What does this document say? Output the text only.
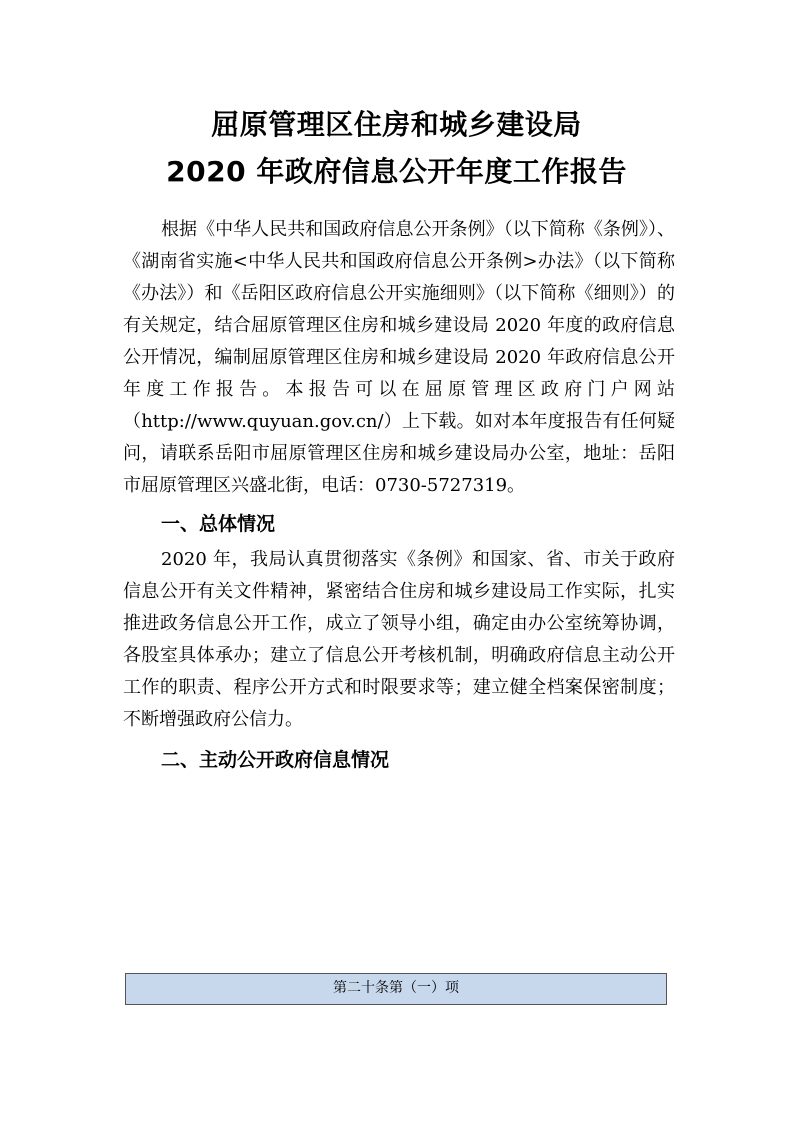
屈原管理区住房和城乡建设局
2020 年政府信息公开年度工作报告

根据《中华人民共和国政府信息公开条例》（以下简称《条例》）、《湖南省实施<中华人民共和国政府信息公开条例>办法》（以下简称《办法》）和《岳阳区政府信息公开实施细则》（以下简称《细则》）的有关规定，结合屈原管理区住房和城乡建设局 2020 年度的政府信息公开情况，编制屈原管理区住房和城乡建设局 2020 年政府信息公开年度工作报告。本报告可以在屈原管理区政府门户网站（http://www.quyuan.gov.cn/）上下载。如对本年度报告有任何疑问，请联系岳阳市屈原管理区住房和城乡建设局办公室，地址：岳阳市屈原管理区兴盛北街，电话：0730-5727319。

一、总体情况

2020 年，我局认真贯彻落实《条例》和国家、省、市关于政府信息公开有关文件精神，紧密结合住房和城乡建设局工作实际，扎实推进政务信息公开工作，成立了领导小组，确定由办公室统筹协调，各股室具体承办；建立了信息公开考核机制，明确政府信息主动公开工作的职责、程序公开方式和时限要求等；建立健全档案保密制度；不断增强政府公信力。

二、主动公开政府信息情况
第二十条第（一）项
